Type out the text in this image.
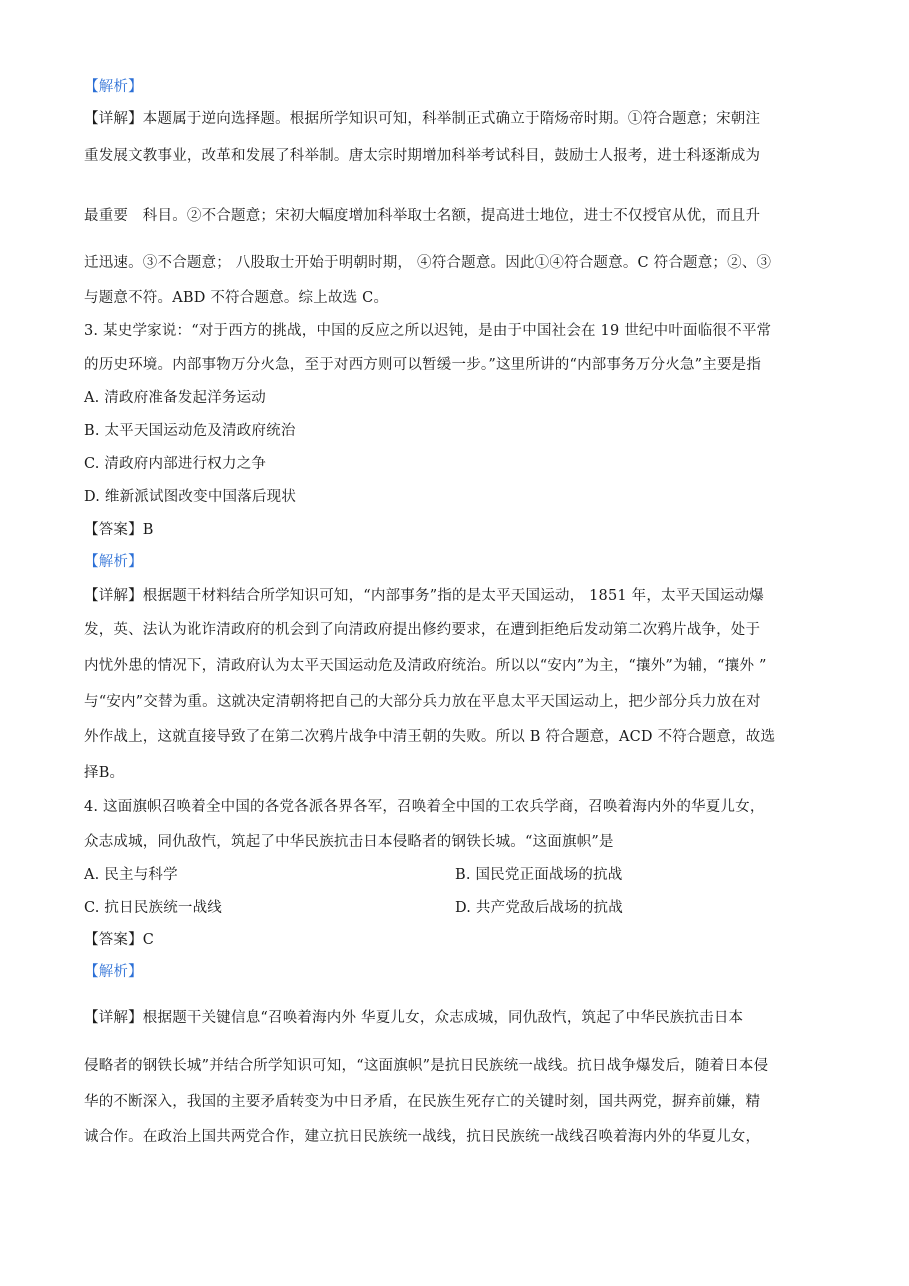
【解析】
【详解】本题属于逆向选择题。根据所学知识可知，科举制正式确立于隋炀帝时期。①符合题意；宋朝注
重发展文教事业，改革和发展了科举制。唐太宗时期增加科举考试科目，鼓励士人报考，进士科逐渐成为
最重要　科目。②不合题意；宋初大幅度增加科举取士名额，提高进士地位，进士不仅授官从优，而且升
迁迅速。③不合题意； 八股取士开始于明朝时期， ④符合题意。因此①④符合题意。C 符合题意；②、③
与题意不符。ABD 不符合题意。综上故选 C。
3. 某史学家说：“对于西方的挑战，中国的反应之所以迟钝，是由于中国社会在 19 世纪中叶面临很不平常
的历史环境。内部事物万分火急，至于对西方则可以暂缓一步。”这里所讲的“内部事务万分火急”主要是指
A. 清政府准备发起洋务运动
B. 太平天国运动危及清政府统治
C. 清政府内部进行权力之争
D. 维新派试图改变中国落后现状
【答案】B
【解析】
【详解】根据题干材料结合所学知识可知，“内部事务”指的是太平天国运动， 1851 年，太平天国运动爆
发，英、法认为讹诈清政府的机会到了向清政府提出修约要求，在遭到拒绝后发动第二次鸦片战争，处于
内忧外患的情况下，清政府认为太平天国运动危及清政府统治。所以以“安内”为主，“攘外”为辅，“攘外 ”
与“安内”交替为重。这就决定清朝将把自己的大部分兵力放在平息太平天国运动上，把少部分兵力放在对
外作战上，这就直接导致了在第二次鸦片战争中清王朝的失败。所以 B 符合题意，ACD 不符合题意，故选
择B。
4. 这面旗帜召唤着全中国的各党各派各界各军，召唤着全中国的工农兵学商，召唤着海内外的华夏儿女，
众志成城，同仇敌忾，筑起了中华民族抗击日本侵略者的钢铁长城。“这面旗帜”是
A. 民主与科学	B. 国民党正面战场的抗战
C. 抗日民族统一战线	D. 共产党敌后战场的抗战
【答案】C
【解析】
【详解】根据题干关键信息“召唤着海内外 华夏儿女，众志成城，同仇敌忾，筑起了中华民族抗击日本
侵略者的钢铁长城”并结合所学知识可知，“这面旗帜”是抗日民族统一战线。抗日战争爆发后，随着日本侵
华的不断深入，我国的主要矛盾转变为中日矛盾，在民族生死存亡的关键时刻，国共两党，摒弃前嫌，精
诚合作。在政治上国共两党合作，建立抗日民族统一战线，抗日民族统一战线召唤着海内外的华夏儿女，
